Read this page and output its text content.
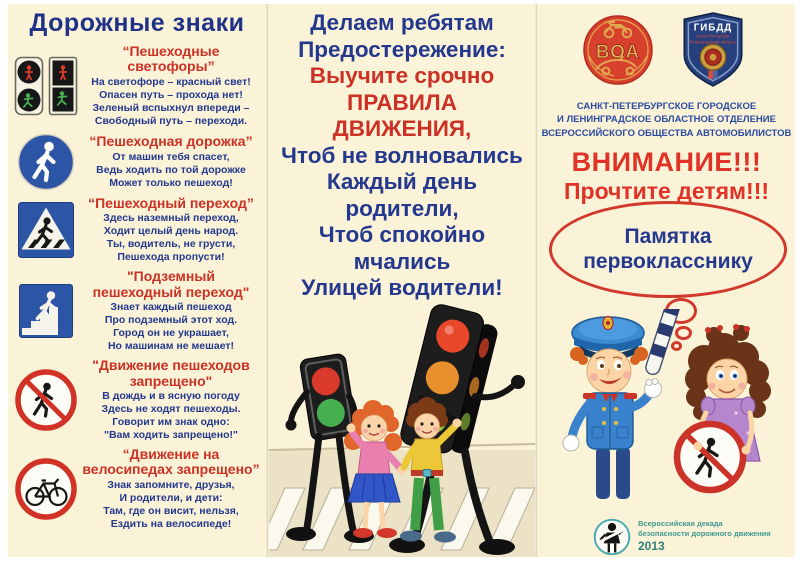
Дорожные знаки
“Пешеходные светофоры”
На светофоре – красный свет!
Опасен путь – прохода нет!
Зеленый вспыхнул впереди –
Свободный путь – переходи.
“Пешеходная дорожка”
От машин тебя спасет,
Ведь ходить по той дорожке
Может только пешеход!
“Пешеходный переход”
Здесь наземный переход,
Ходит целый день народ.
Ты, водитель, не грусти,
Пешехода пропусти!
"Подземный пешеходный переход"
Знает каждый пешеход
Про подземный этот ход.
Город он не украшает,
Но машинам не мешает!
"Движение пешеходов запрещено"
В дождь и в ясную погоду
Здесь не ходят пешеходы.
Говорит им знак одно:
"Вам ходить запрещено!"
“Движение на велосипедах запрещено”
Знак запомните, друзья,
И родители, и дети:
Там, где он висит, нельзя,
Ездить на велосипеде!
Делаем ребятам
Предостережение:
Выучите срочно
ПРАВИЛА
ДВИЖЕНИЯ,
Чтоб не волновались
Каждый день
родители,
Чтоб спокойно
мчались
Улицей водители!
ВОА
ГИБДД
Санкт-Петербург
Ленинградская область
САНКТ-ПЕТЕРБУРГСКОЕ ГОРОДСКОЕ
И ЛЕНИНГРАДСКОЕ ОБЛАСТНОЕ ОТДЕЛЕНИЕ
ВСЕРОССИЙСКОГО ОБЩЕСТВА АВТОМОБИЛИСТОВ
ВНИМАНИЕ!!!
Прочтите детям!!!
Памятка
первокласснику
Всероссийская декада
безопасности дорожного движения
2013
